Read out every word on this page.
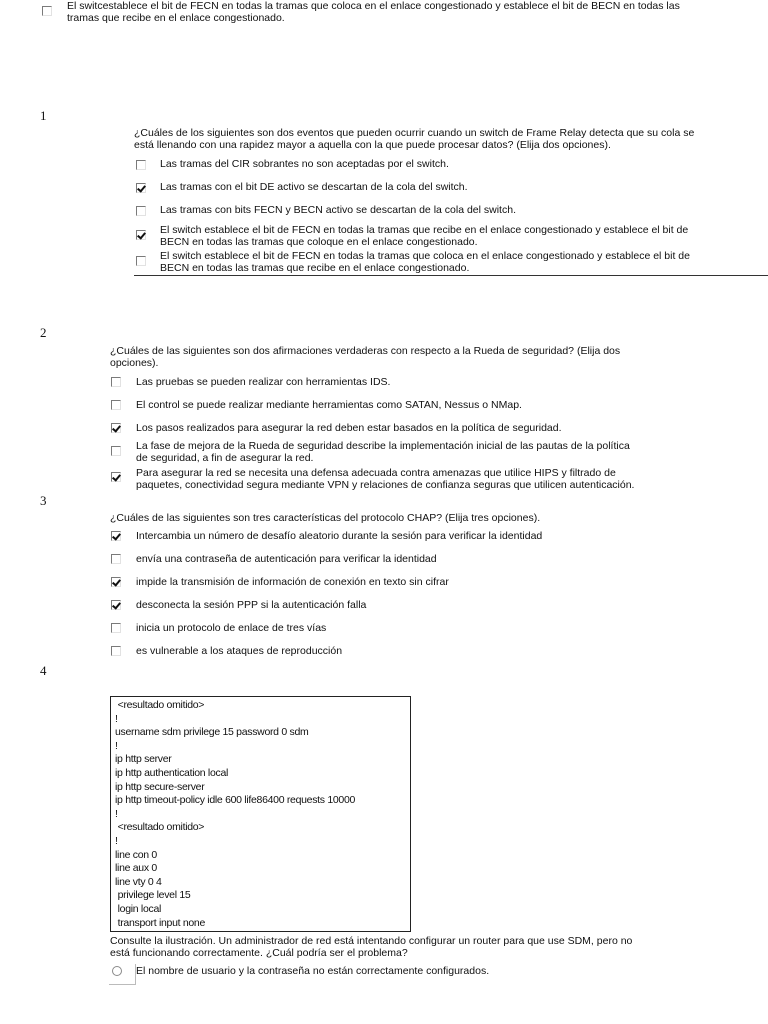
El switcestablece el bit de FECN en todas la tramas que coloca en el enlace congestionado y establece el bit de BECN en todas las
tramas que recibe en el enlace congestionado.
1
¿Cuáles de los siguientes son dos eventos que pueden ocurrir cuando un switch de Frame Relay detecta que su cola se
está llenando con una rapidez mayor a aquella con la que puede procesar datos? (Elija dos opciones).
Las tramas del CIR sobrantes no son aceptadas por el switch.
Las tramas con el bit DE activo se descartan de la cola del switch.
Las tramas con bits FECN y BECN activo se descartan de la cola del switch.
El switch establece el bit de FECN en todas la tramas que recibe en el enlace congestionado y establece el bit de
BECN en todas las tramas que coloque en el enlace congestionado.
El switch establece el bit de FECN en todas la tramas que coloca en el enlace congestionado y establece el bit de
BECN en todas las tramas que recibe en el enlace congestionado.
2
¿Cuáles de las siguientes son dos afirmaciones verdaderas con respecto a la Rueda de seguridad? (Elija dos
opciones).
Las pruebas se pueden realizar con herramientas IDS.
El control se puede realizar mediante herramientas como SATAN, Nessus o NMap.
Los pasos realizados para asegurar la red deben estar basados en la política de seguridad.
La fase de mejora de la Rueda de seguridad describe la implementación inicial de las pautas de la política
de seguridad, a fin de asegurar la red.
Para asegurar la red se necesita una defensa adecuada contra amenazas que utilice HIPS y filtrado de
paquetes, conectividad segura mediante VPN y relaciones de confianza seguras que utilicen autenticación.
3
¿Cuáles de las siguientes son tres características del protocolo CHAP? (Elija tres opciones).
Intercambia un número de desafío aleatorio durante la sesión para verificar la identidad
envía una contraseña de autenticación para verificar la identidad
impide la transmisión de información de conexión en texto sin cifrar
desconecta la sesión PPP si la autenticación falla
inicia un protocolo de enlace de tres vías
es vulnerable a los ataques de reproducción
4
<resultado omitido>
!
username sdm privilege 15 password 0 sdm
!
ip http server
ip http authentication local
ip http secure-server
ip http timeout-policy idle 600 life86400 requests 10000
!
<resultado omitido>
!
line con 0
line aux 0
line vty 0 4
privilege level 15
login local
transport input none
Consulte la ilustración. Un administrador de red está intentando configurar un router para que use SDM, pero no
está funcionando correctamente. ¿Cuál podría ser el problema?
El nombre de usuario y la contraseña no están correctamente configurados.
